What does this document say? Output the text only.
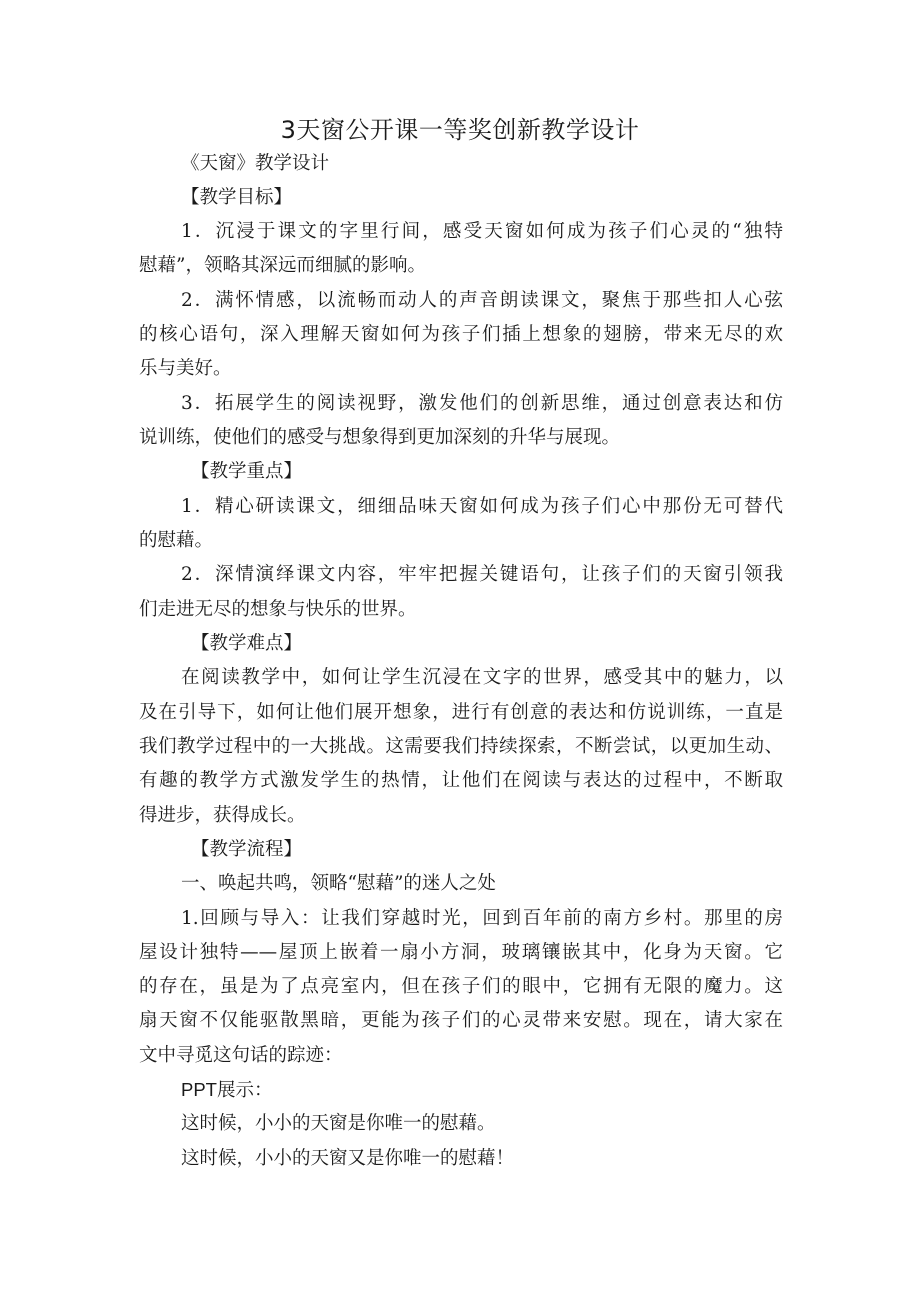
3天窗公开课一等奖创新教学设计
《天窗》教学设计
【教学目标】
1．沉浸于课文的字里行间，感受天窗如何成为孩子们心灵的“独特
慰藉”，领略其深远而细腻的影响。
2．满怀情感，以流畅而动人的声音朗读课文，聚焦于那些扣人心弦
的核心语句，深入理解天窗如何为孩子们插上想象的翅膀，带来无尽的欢
乐与美好。
3．拓展学生的阅读视野，激发他们的创新思维，通过创意表达和仿
说训练，使他们的感受与想象得到更加深刻的升华与展现。
【教学重点】
1．精心研读课文，细细品味天窗如何成为孩子们心中那份无可替代
的慰藉。
2．深情演绎课文内容，牢牢把握关键语句，让孩子们的天窗引领我
们走进无尽的想象与快乐的世界。
【教学难点】
在阅读教学中，如何让学生沉浸在文字的世界，感受其中的魅力，以
及在引导下，如何让他们展开想象，进行有创意的表达和仿说训练，一直是
我们教学过程中的一大挑战。这需要我们持续探索，不断尝试，以更加生动、
有趣的教学方式激发学生的热情，让他们在阅读与表达的过程中，不断取
得进步，获得成长。
【教学流程】
一、唤起共鸣，领略“慰藉”的迷人之处
1.回顾与导入：让我们穿越时光，回到百年前的南方乡村。那里的房
屋设计独特——屋顶上嵌着一扇小方洞，玻璃镶嵌其中，化身为天窗。它
的存在，虽是为了点亮室内，但在孩子们的眼中，它拥有无限的魔力。这
扇天窗不仅能驱散黑暗，更能为孩子们的心灵带来安慰。现在，请大家在
文中寻觅这句话的踪迹：
PPT展示：
这时候，小小的天窗是你唯一的慰藉。
这时候，小小的天窗又是你唯一的慰藉！
